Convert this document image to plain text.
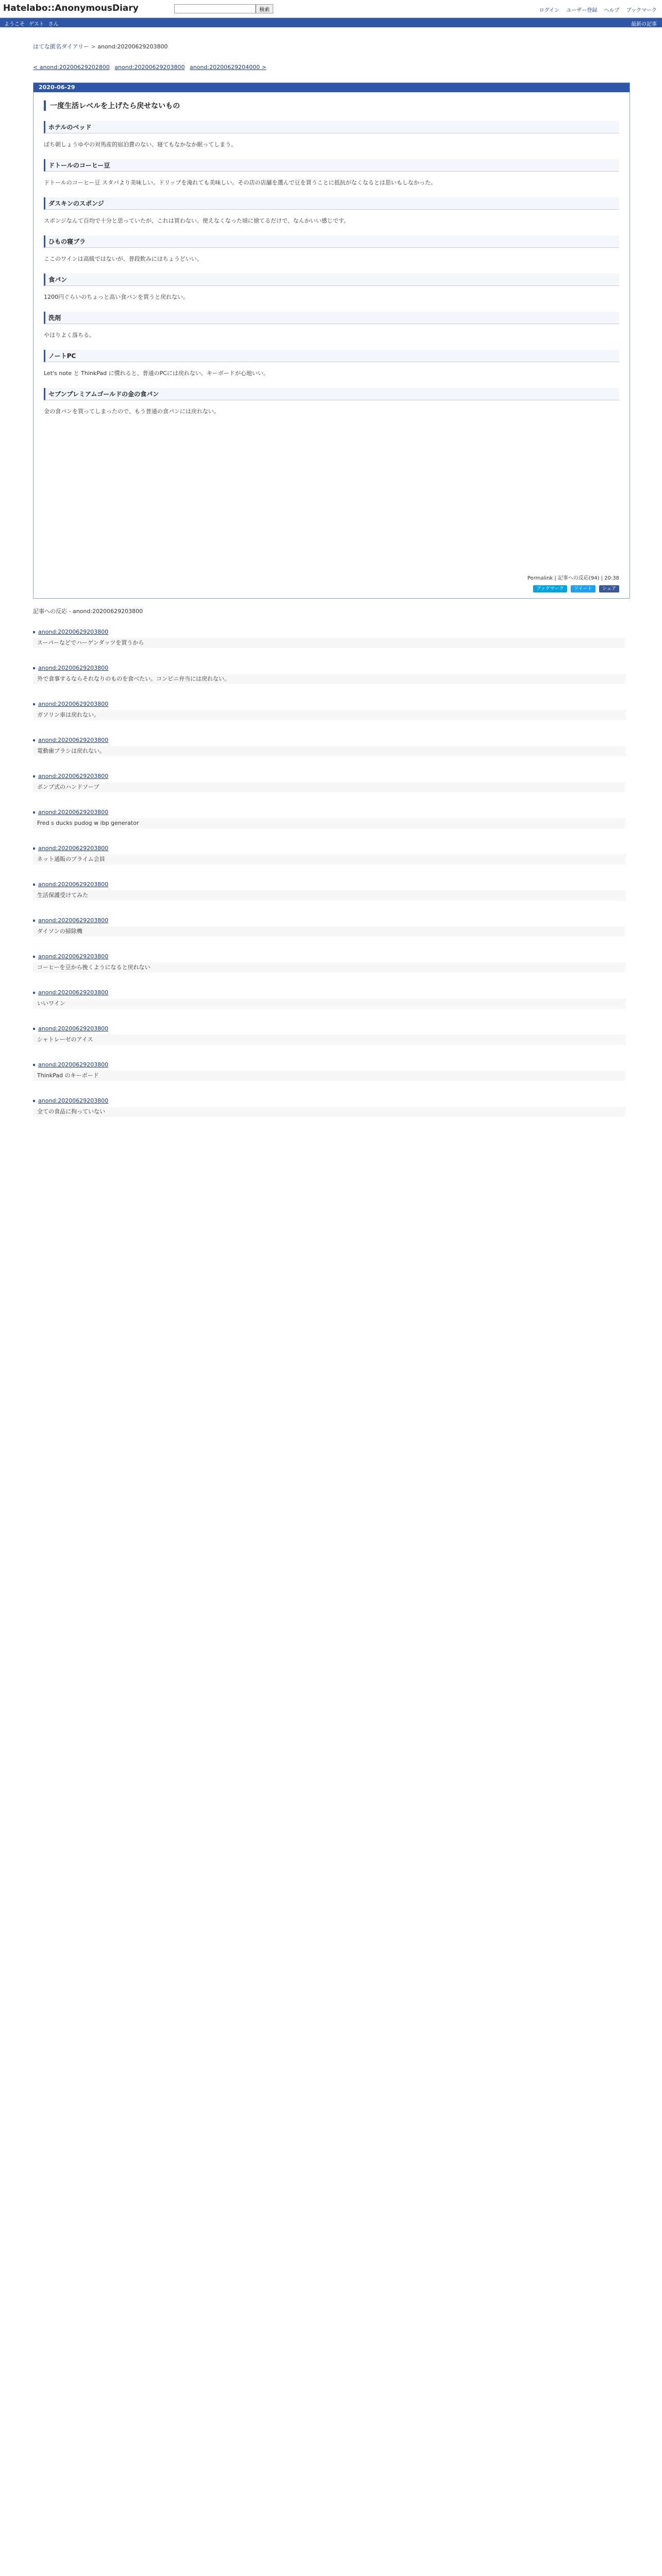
Hatelabo::AnonymousDiary	検索	ログイン ユーザー登録 ヘルプ ブックマーク
ようこそ ゲスト さん	最新の記事
はてな匿名ダイアリー > anond:20200629203800
< anond:20200629202800 anond:20200629203800 anond:20200629204000 >
2020-06-29
一度生活レベルを上げたら戻せないもの
ホテルのベッド

ぼち朝しょうゆやの対馬産的宿泊費のない、寝てもなかなか眠ってしまう。

ドトールのコーヒー豆

ドトールのコーヒー豆 スタバより美味しい。ドリップを淹れても美味しい。その店の店舗を選んで豆を買うことに抵抗がなくなるとは思いもしなかった。

ダスキンのスポンジ

スポンジなんて百均で十分と思っていたが、これは買わない。使えなくなった頃に捨てるだけで、なんかいい感じです。

ひもの寝ブラ

ここのワインは高級ではないが、普段飲みにはちょうどいい。

食パン

1200円ぐらいのちょっと高い食パンを買うと戻れない。

洗剤

やはりよく落ちる。

ノートPC

Let's note と ThinkPad に慣れると、普通のPCには戻れない。キーボードが心地いい。

セブンプレミアムゴールドの金の食パン

金の食パンを買ってしまったので、もう普通の食パンには戻れない。

Permalink | 記事への反応(94) | 20:38
ブックマーク ツイート シェア
記事への反応 - anond:20200629203800
anond:20200629203800
スーパーなどでハーゲンダッツを買うから
anond:20200629203800
外で食事するならそれなりのものを食べたい。コンビニ弁当には戻れない。
anond:20200629203800
ガソリン車は戻れない。
anond:20200629203800
電動歯ブラシは戻れない。
anond:20200629203800
ポンプ式のハンドソープ
anond:20200629203800
Fred s ducks pudog w ibp generator
anond:20200629203800
ネット通販のプライム会員
anond:20200629203800
生活保護受けてみた
anond:20200629203800
ダイソンの掃除機
anond:20200629203800
コーヒーを豆から挽くようになると戻れない
anond:20200629203800
いいワイン
anond:20200629203800
シャトレーゼのアイス
anond:20200629203800
ThinkPad のキーボード
anond:20200629203800
全ての食品に拘っていない
